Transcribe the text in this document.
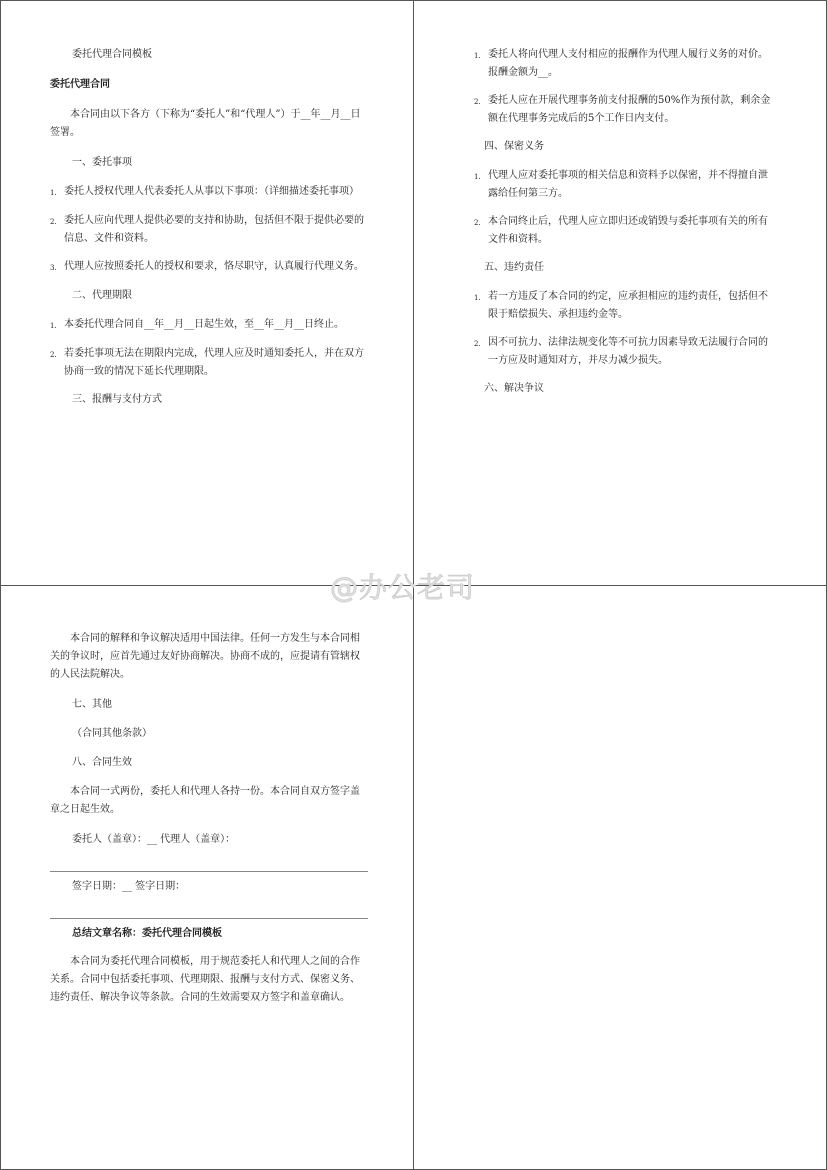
委托代理合同模板
委托代理合同
本合同由以下各方（下称为“委托人”和“代理人”）于__年__月__日签署。
一、委托事项
1. 委托人授权代理人代表委托人从事以下事项：（详细描述委托事项）
2. 委托人应向代理人提供必要的支持和协助，包括但不限于提供必要的信息、文件和资料。
3. 代理人应按照委托人的授权和要求，恪尽职守，认真履行代理义务。
二、代理期限
1. 本委托代理合同自__年__月__日起生效，至__年__月__日终止。
2. 若委托事项无法在期限内完成，代理人应及时通知委托人，并在双方协商一致的情况下延长代理期限。
三、报酬与支付方式
1. 委托人将向代理人支付相应的报酬作为代理人履行义务的对价。报酬金额为__。
2. 委托人应在开展代理事务前支付报酬的50%作为预付款，剩余金额在代理事务完成后的5个工作日内支付。
四、保密义务
1. 代理人应对委托事项的相关信息和资料予以保密，并不得擅自泄露给任何第三方。
2. 本合同终止后，代理人应立即归还或销毁与委托事项有关的所有文件和资料。
五、违约责任
1. 若一方违反了本合同的约定，应承担相应的违约责任，包括但不限于赔偿损失、承担违约金等。
2. 因不可抗力、法律法规变化等不可抗力因素导致无法履行合同的一方应及时通知对方，并尽力减少损失。
六、解决争议
@办公老司
本合同的解释和争议解决适用中国法律。任何一方发生与本合同相关的争议时，应首先通过友好协商解决。协商不成的，应提请有管辖权的人民法院解决。
七、其他
（合同其他条款）
八、合同生效
本合同一式两份，委托人和代理人各持一份。本合同自双方签字盖章之日起生效。
委托人（盖章）：__ 代理人（盖章）：
签字日期：__ 签字日期：
总结文章名称：委托代理合同模板
本合同为委托代理合同模板，用于规范委托人和代理人之间的合作关系。合同中包括委托事项、代理期限、报酬与支付方式、保密义务、违约责任、解决争议等条款。合同的生效需要双方签字和盖章确认。
